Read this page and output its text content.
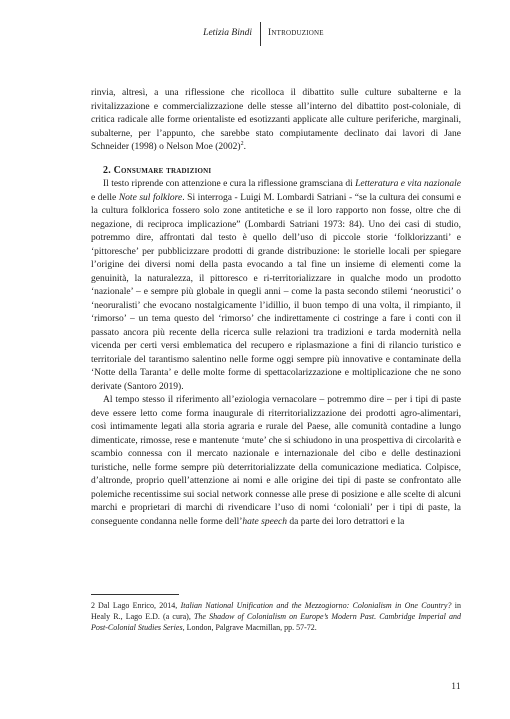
Letizia Bindi Introduzione

rinvia, altresì, a una riflessione che ricolloca il dibattito sulle culture subalterne e la rivitalizzazione e commercializzazione delle stesse all’interno del dibattito post-coloniale, di critica radicale alle forme orientaliste ed esotizzanti applicate alle culture periferiche, marginali, subalterne, per l’appunto, che sarebbe stato compiutamente declinato dai lavori di Jane Schneider (1998) o Nelson Moe $(2002)^2$.

2. Consumare tradizioni

Il testo riprende con attenzione e cura la riflessione gramsciana di Letteratura e vita nazionale e delle Note sul folklore. Si interroga - Luigi M. Lombardi Satriani - “se la cultura dei consumi e la cultura folklorica fossero solo zone antitetiche e se il loro rapporto non fosse, oltre che di negazione, di reciproca implicazione” (Lombardi Satriani 1973: 84). Uno dei casi di studio, potremmo dire, affrontati dal testo è quello dell’uso di piccole storie ‘folklorizzanti’ e ‘pittoresche’ per pubblicizzare prodotti di grande distribuzione: le storielle locali per spiegare l’origine dei diversi nomi della pasta evocando a tal fine un insieme di elementi come la genuinità, la naturalezza, il pittoresco e ri-territorializzare in qualche modo un prodotto ‘nazionale’ – e sempre più globale in quegli anni – come la pasta secondo stilemi ‘neorustici’ o ‘neoruralisti’ che evocano nostalgicamente l’idillio, il buon tempo di una volta, il rimpianto, il ‘rimorso’ – un tema questo del ‘rimorso’ che indirettamente ci costringe a fare i conti con il passato ancora più recente della ricerca sulle relazioni tra tradizioni e tarda modernità nella vicenda per certi versi emblematica del recupero e riplasmazione a fini di rilancio turistico e territoriale del tarantismo salentino nelle forme oggi sempre più innovative e contaminate della ‘Notte della Taranta’ e delle molte forme di spettacolarizzazione e moltiplicazione che ne sono derivate (Santoro 2019).

Al tempo stesso il riferimento all’eziologia vernacolare – potremmo dire – per i tipi di paste deve essere letto come forma inaugurale di riterritorializzazione dei prodotti agro-alimentari, così intimamente legati alla storia agraria e rurale del Paese, alle comunità contadine a lungo dimenticate, rimosse, rese e mantenute ‘mute’ che si schiudono in una prospettiva di circolarità e scambio connessa con il mercato nazionale e internazionale del cibo e delle destinazioni turistiche, nelle forme sempre più deterritorializzate della comunicazione mediatica. Colpisce, d’altronde, proprio quell’attenzione ai nomi e alle origine dei tipi di paste se confrontato alle polemiche recentissime sui social network connesse alle prese di posizione e alle scelte di alcuni marchi e proprietari di marchi di rivendicare l’uso di nomi ‘coloniali’ per i tipi di paste, la conseguente condanna nelle forme dell’hate speech da parte dei loro detrattori e la

2 Dal Lago Enrico, 2014, Italian National Unification and the Mezzogiorno: Colonialism in One Country? in Healy R., Lago E.D. (a cura), The Shadow of Colonialism on Europe’s Modern Past. Cambridge Imperial and Post-Colonial Studies Series, London, Palgrave Macmillan, pp. 57-72.
11
